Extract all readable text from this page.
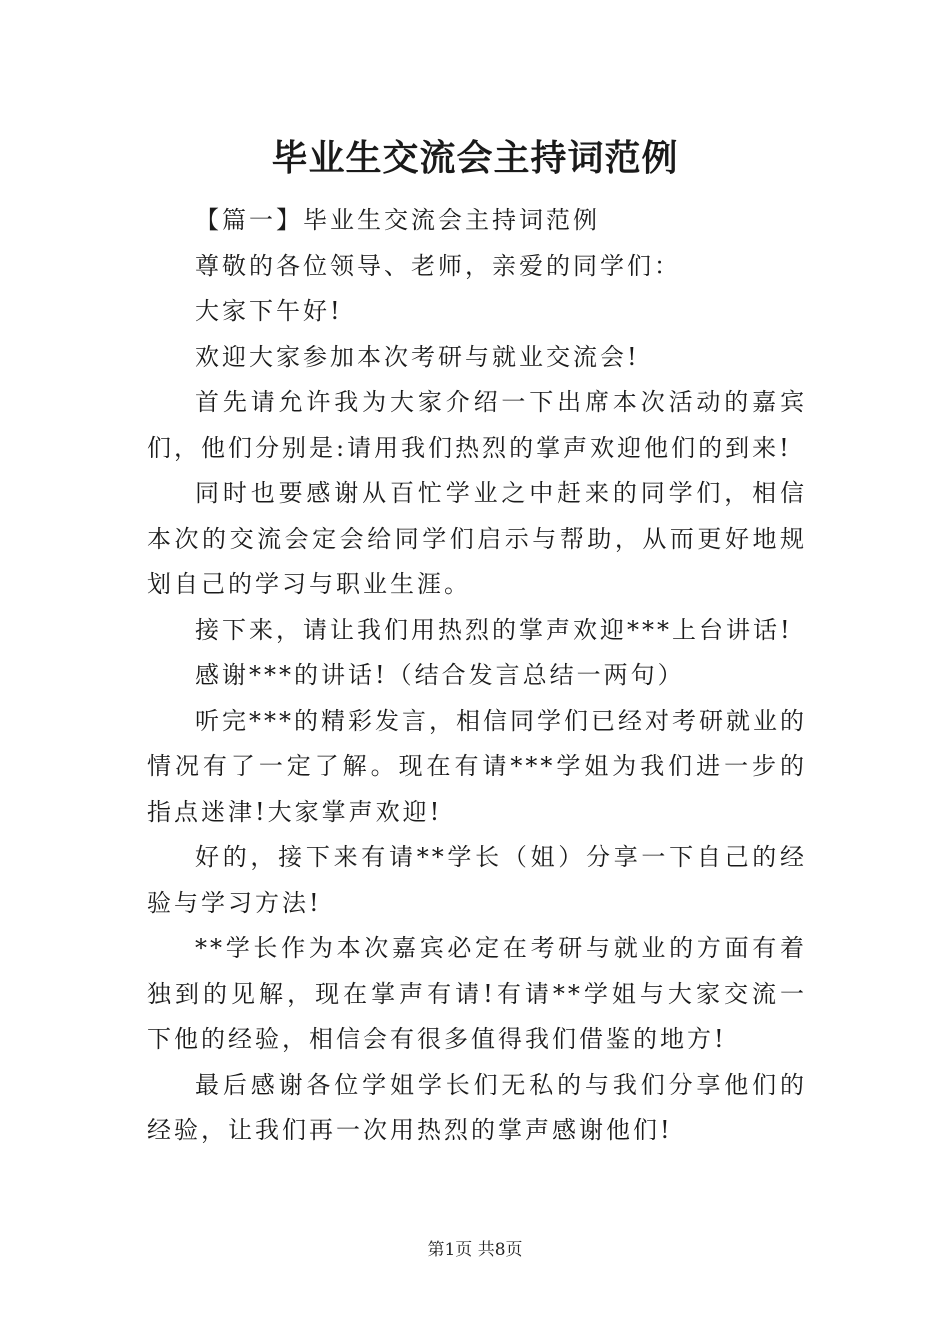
毕业生交流会主持词范例

【篇一】毕业生交流会主持词范例

尊敬的各位领导、老师，亲爱的同学们：

大家下午好!

欢迎大家参加本次考研与就业交流会!

首先请允许我为大家介绍一下出席本次活动的嘉宾们，他们分别是:请用我们热烈的掌声欢迎他们的到来!

同时也要感谢从百忙学业之中赶来的同学们，相信本次的交流会定会给同学们启示与帮助，从而更好地规划自己的学习与职业生涯。

接下来，请让我们用热烈的掌声欢迎***上台讲话!

感谢***的讲话!（结合发言总结一两句）

听完***的精彩发言，相信同学们已经对考研就业的情况有了一定了解。现在有请***学姐为我们进一步的指点迷津!大家掌声欢迎!

好的，接下来有请**学长（姐）分享一下自己的经验与学习方法!

**学长作为本次嘉宾必定在考研与就业的方面有着独到的见解，现在掌声有请!有请**学姐与大家交流一下他的经验，相信会有很多值得我们借鉴的地方!

最后感谢各位学姐学长们无私的与我们分享他们的经验，让我们再一次用热烈的掌声感谢他们!

第1页 共8页
